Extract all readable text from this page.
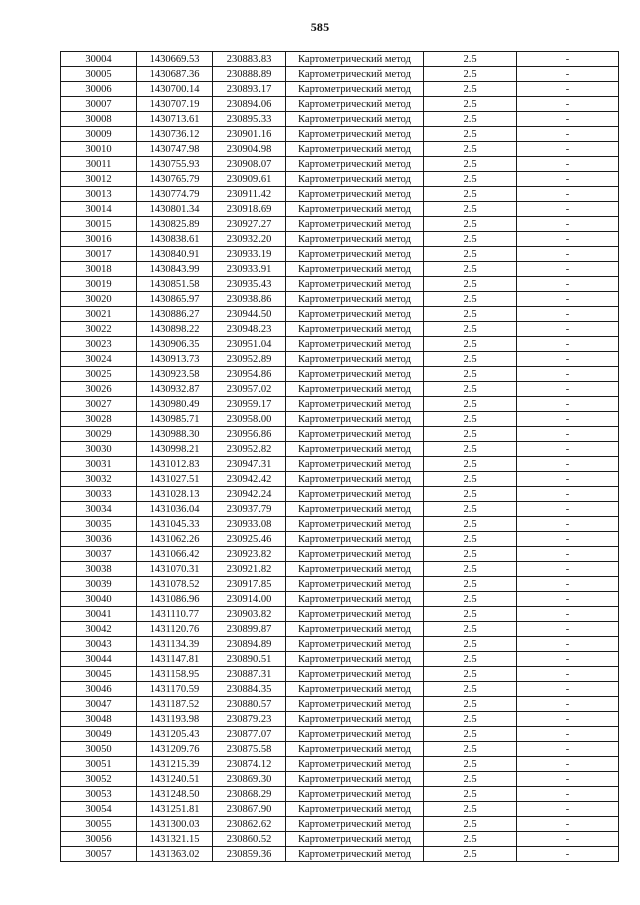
585
30004	1430669.53	230883.83	Картометрический метод	2.5	-
30005	1430687.36	230888.89	Картометрический метод	2.5	-
30006	1430700.14	230893.17	Картометрический метод	2.5	-
30007	1430707.19	230894.06	Картометрический метод	2.5	-
30008	1430713.61	230895.33	Картометрический метод	2.5	-
30009	1430736.12	230901.16	Картометрический метод	2.5	-
30010	1430747.98	230904.98	Картометрический метод	2.5	-
30011	1430755.93	230908.07	Картометрический метод	2.5	-
30012	1430765.79	230909.61	Картометрический метод	2.5	-
30013	1430774.79	230911.42	Картометрический метод	2.5	-
30014	1430801.34	230918.69	Картометрический метод	2.5	-
30015	1430825.89	230927.27	Картометрический метод	2.5	-
30016	1430838.61	230932.20	Картометрический метод	2.5	-
30017	1430840.91	230933.19	Картометрический метод	2.5	-
30018	1430843.99	230933.91	Картометрический метод	2.5	-
30019	1430851.58	230935.43	Картометрический метод	2.5	-
30020	1430865.97	230938.86	Картометрический метод	2.5	-
30021	1430886.27	230944.50	Картометрический метод	2.5	-
30022	1430898.22	230948.23	Картометрический метод	2.5	-
30023	1430906.35	230951.04	Картометрический метод	2.5	-
30024	1430913.73	230952.89	Картометрический метод	2.5	-
30025	1430923.58	230954.86	Картометрический метод	2.5	-
30026	1430932.87	230957.02	Картометрический метод	2.5	-
30027	1430980.49	230959.17	Картометрический метод	2.5	-
30028	1430985.71	230958.00	Картометрический метод	2.5	-
30029	1430988.30	230956.86	Картометрический метод	2.5	-
30030	1430998.21	230952.82	Картометрический метод	2.5	-
30031	1431012.83	230947.31	Картометрический метод	2.5	-
30032	1431027.51	230942.42	Картометрический метод	2.5	-
30033	1431028.13	230942.24	Картометрический метод	2.5	-
30034	1431036.04	230937.79	Картометрический метод	2.5	-
30035	1431045.33	230933.08	Картометрический метод	2.5	-
30036	1431062.26	230925.46	Картометрический метод	2.5	-
30037	1431066.42	230923.82	Картометрический метод	2.5	-
30038	1431070.31	230921.82	Картометрический метод	2.5	-
30039	1431078.52	230917.85	Картометрический метод	2.5	-
30040	1431086.96	230914.00	Картометрический метод	2.5	-
30041	1431110.77	230903.82	Картометрический метод	2.5	-
30042	1431120.76	230899.87	Картометрический метод	2.5	-
30043	1431134.39	230894.89	Картометрический метод	2.5	-
30044	1431147.81	230890.51	Картометрический метод	2.5	-
30045	1431158.95	230887.31	Картометрический метод	2.5	-
30046	1431170.59	230884.35	Картометрический метод	2.5	-
30047	1431187.52	230880.57	Картометрический метод	2.5	-
30048	1431193.98	230879.23	Картометрический метод	2.5	-
30049	1431205.43	230877.07	Картометрический метод	2.5	-
30050	1431209.76	230875.58	Картометрический метод	2.5	-
30051	1431215.39	230874.12	Картометрический метод	2.5	-
30052	1431240.51	230869.30	Картометрический метод	2.5	-
30053	1431248.50	230868.29	Картометрический метод	2.5	-
30054	1431251.81	230867.90	Картометрический метод	2.5	-
30055	1431300.03	230862.62	Картометрический метод	2.5	-
30056	1431321.15	230860.52	Картометрический метод	2.5	-
30057	1431363.02	230859.36	Картометрический метод	2.5	-
